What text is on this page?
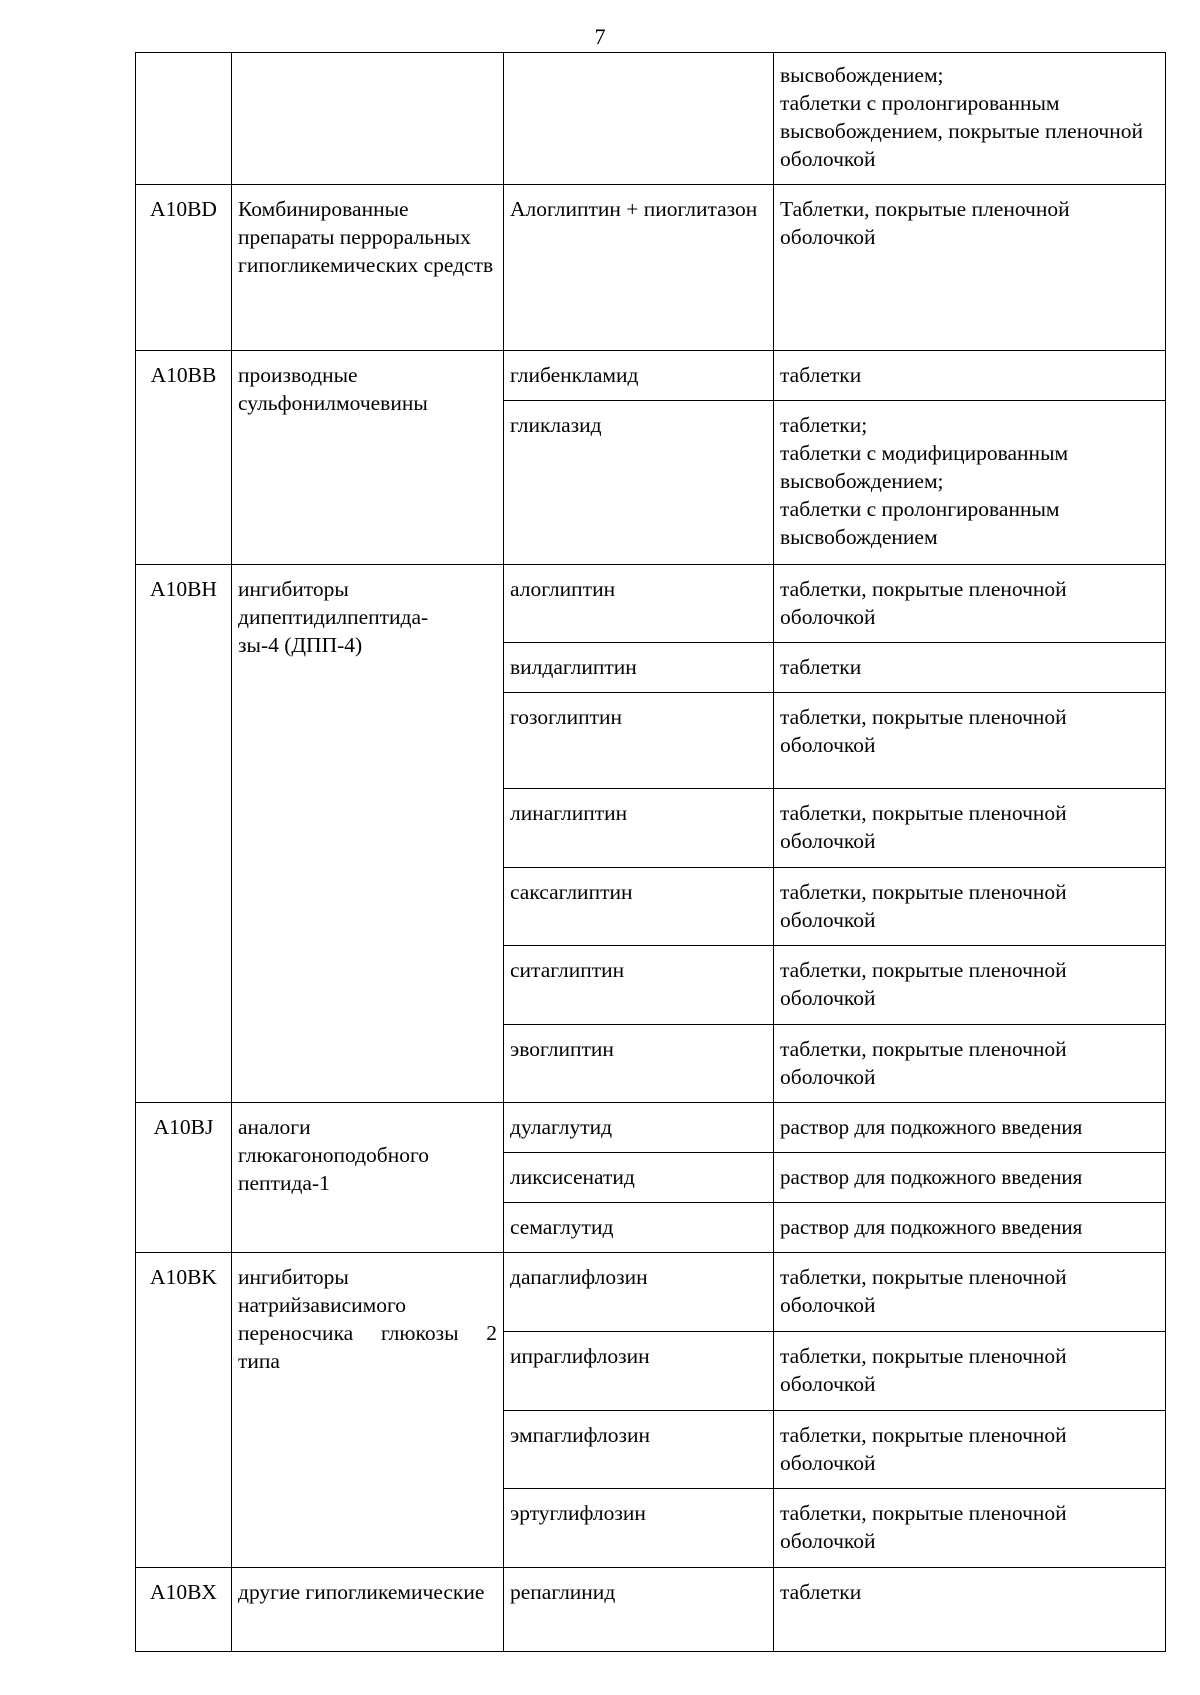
7
			высвобождением;
таблетки с пролонгированным высвобождением, покрытые пленочной оболочкой
A10BD	Комбинированные препараты перроральных гипогликемических средств	Алоглиптин + пиоглитазон	Таблетки, покрытые пленочной оболочкой
A10BB	производные сульфонилмочевины	глибенкламид	таблетки
		гликлазид	таблетки;
таблетки с модифицированным высвобождением;
таблетки с пролонгированным высвобождением
A10BH	ингибиторы дипептидилпептида-
зы-4 (ДПП-4)	алоглиптин	таблетки, покрытые пленочной оболочкой
		вилдаглиптин	таблетки
		гозоглиптин	таблетки, покрытые пленочной оболочкой
		линаглиптин	таблетки, покрытые пленочной оболочкой
		саксаглиптин	таблетки, покрытые пленочной оболочкой
		ситаглиптин	таблетки, покрытые пленочной оболочкой
		эвоглиптин	таблетки, покрытые пленочной оболочкой
A10BJ	аналоги глюкагоноподобного пептида-1	дулаглутид	раствор для подкожного введения
		ликсисенатид	раствор для подкожного введения
		семаглутид	раствор для подкожного введения
A10BK	ингибиторы натрийзависимого переносчика глюкозы 2 типа	дапаглифлозин	таблетки, покрытые пленочной оболочкой
		ипраглифлозин	таблетки, покрытые пленочной оболочкой
		эмпаглифлозин	таблетки, покрытые пленочной оболочкой
		эртуглифлозин	таблетки, покрытые пленочной оболочкой
A10BX	другие гипогликемические	репаглинид	таблетки
